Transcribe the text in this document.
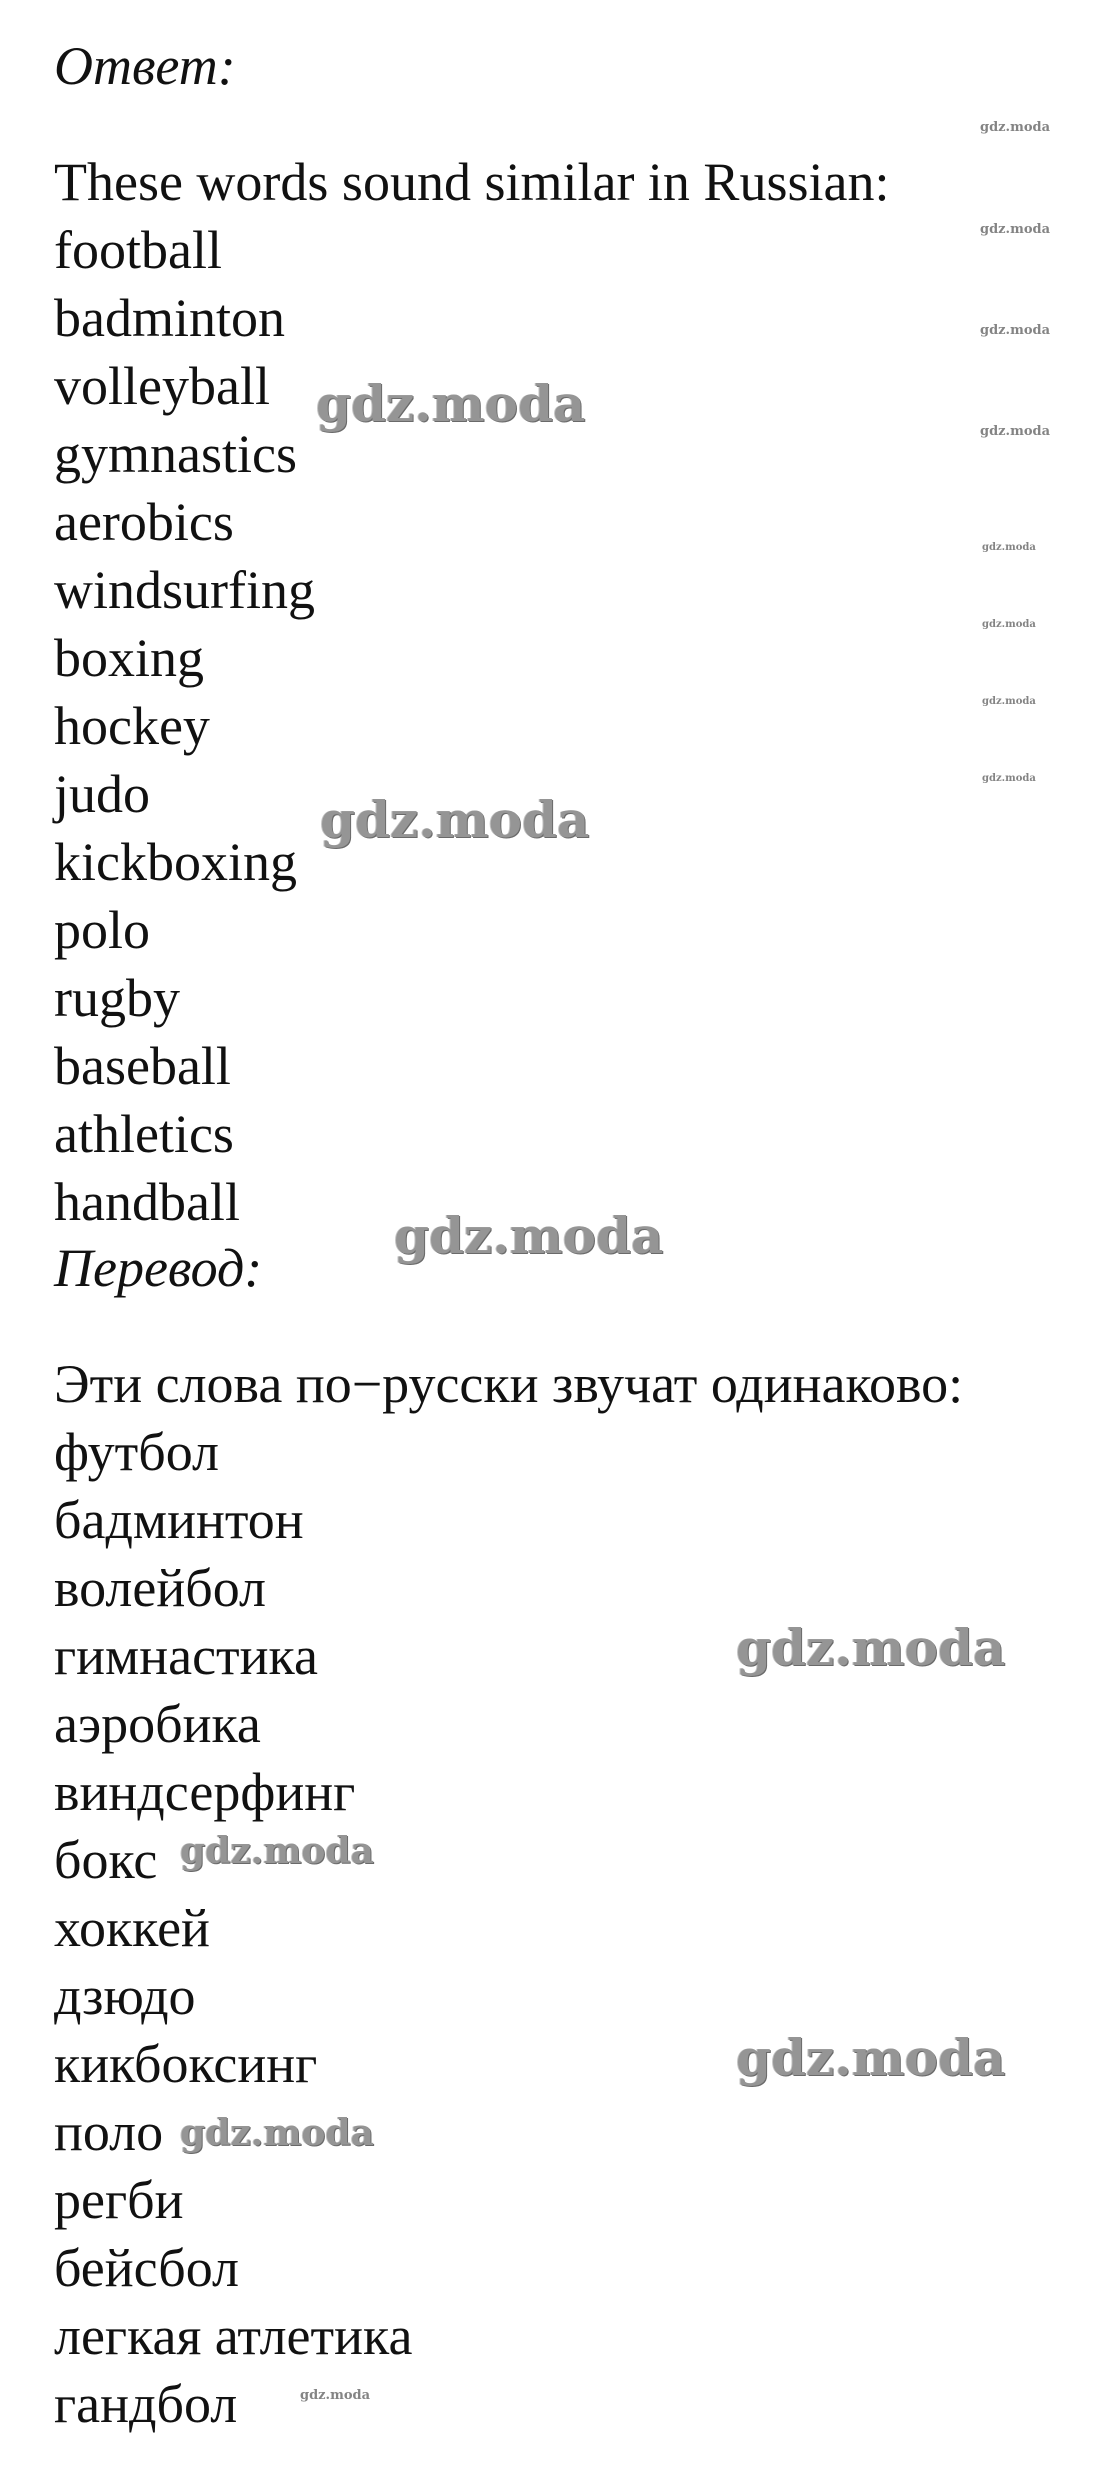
Ответ:
These words sound similar in Russian:
football
badminton
volleyball
gymnastics
aerobics
windsurfing
boxing
hockey
judo
kickboxing
polo
rugby
baseball
athletics
handball
Перевод:
Эти слова по−русски звучат одинаково:
футбол
бадминтон
волейбол
гимнастика
аэробика
виндсерфинг
бокс
хоккей
дзюдо
кикбоксинг
поло
регби
бейсбол
легкая атлетика
гандбол
gdz.moda
gdz.moda
gdz.moda
gdz.moda
gdz.moda
gdz.moda
gdz.moda
gdz.moda
gdz.moda
gdz.moda
gdz.moda
gdz.moda
gdz.moda
gdz.moda
gdz.moda
gdz.moda
